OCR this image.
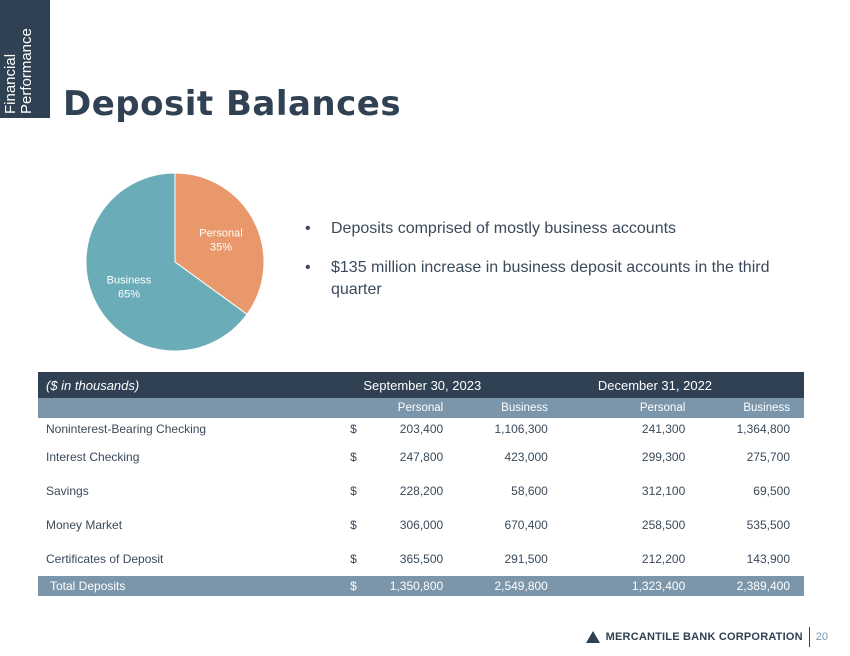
Financial Performance Deposit Balances
Personal
35%
Business
65%
• Deposits comprised of mostly business accounts
• $135 million increase in business deposit accounts in the third quarter
($ in thousands)		September 30, 2023		December 31, 2022	
		Personal	Business	Personal	Business
Noninterest-Bearing Checking	$	203,400	1,106,300	241,300	1,364,800
Interest Checking	$	247,800	423,000	299,300	275,700
Savings	$	228,200	58,600	312,100	69,500
Money Market	$	306,000	670,400	258,500	535,500
Certificates of Deposit	$	365,500	291,500	212,200	143,900
Total Deposits	$	1,350,800	2,549,800	1,323,400	2,389,400
MERCANTILE BANK CORPORATION 20
